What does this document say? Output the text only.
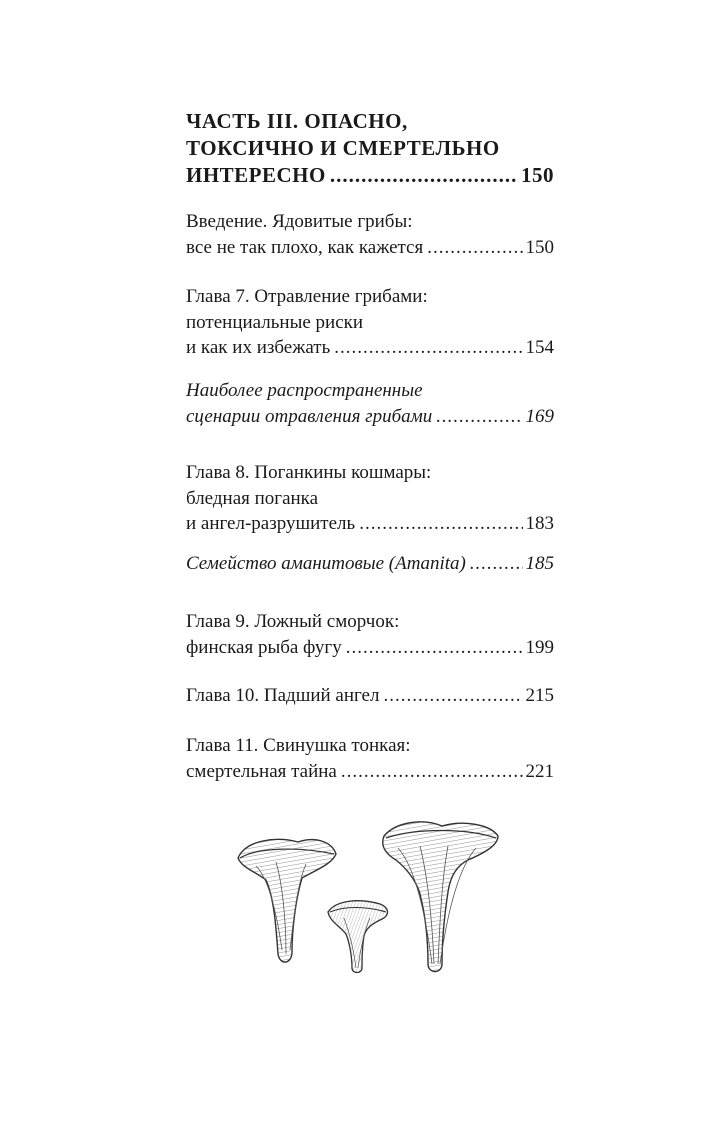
ЧАСТЬ III. ОПАСНО,
ТОКСИЧНО И СМЕРТЕЛЬНО
ИНТЕРЕСНО .....	150
Введение. Ядовитые грибы:
все не так плохо, как кажется .....	150
Глава 7. Отравление грибами:
потенциальные риски
и как их избежать .....	154
Наиболее распространенные
сценарии отравления грибами .....	169
Глава 8. Поганкины кошмары:
бледная поганка
и ангел-разрушитель .....	183
Семейство аманитовые (Amanita) .....	185
Глава 9. Ложный сморчок:
финская рыба фугу .....	199
Глава 10. Падший ангел .....	215
Глава 11. Свинушка тонкая:
смертельная тайна .....	221
